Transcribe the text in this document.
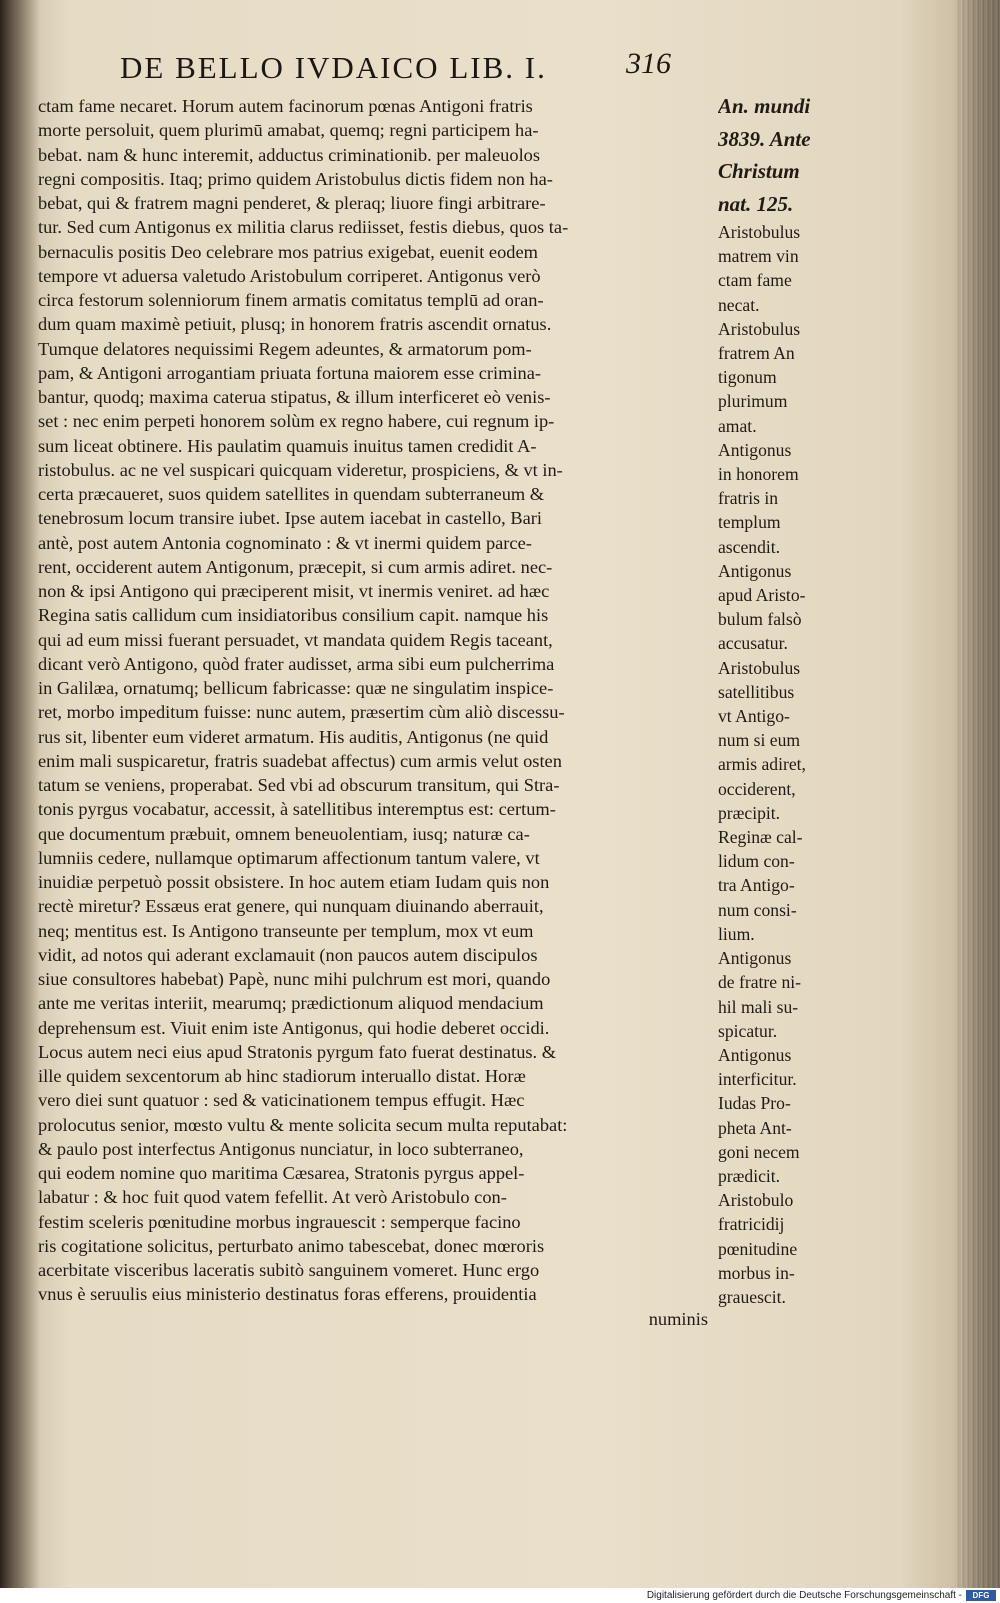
DE BELLO IVDAICO LIB. I.	316
ctam fame necaret. Horum autem facinorum pœnas Antigoni fratris
morte persoluit, quem plurimū amabat, quemq; regni participem ha-
bebat. nam & hunc interemit, adductus criminationib. per maleuolos
regni compositis. Itaq; primo quidem Aristobulus dictis fidem non ha-
bebat, qui & fratrem magni penderet, & pleraq; liuore fingi arbitrare-
tur. Sed cum Antigonus ex militia clarus rediisset, festis diebus, quos ta-
bernaculis positis Deo celebrare mos patrius exigebat, euenit eodem
tempore vt aduersa valetudo Aristobulum corriperet. Antigonus verò
circa festorum solenniorum finem armatis comitatus templū ad oran-
dum quam maximè petiuit, plusq; in honorem fratris ascendit ornatus.
Tumque delatores nequissimi Regem adeuntes, & armatorum pom-
pam, & Antigoni arrogantiam priuata fortuna maiorem esse crimina-
bantur, quodq; maxima caterua stipatus, & illum interficeret eò venis-
set : nec enim perpeti honorem solùm ex regno habere, cui regnum ip-
sum liceat obtinere. His paulatim quamuis inuitus tamen credidit A-
ristobulus. ac ne vel suspicari quicquam videretur, prospiciens, & vt in-
certa præcaueret, suos quidem satellites in quendam subterraneum &
tenebrosum locum transire iubet. Ipse autem iacebat in castello, Bari
antè, post autem Antonia cognominato : & vt inermi quidem parce-
rent, occiderent autem Antigonum, præcepit, si cum armis adiret. nec-
non & ipsi Antigono qui præciperent misit, vt inermis veniret. ad hæc
Regina satis callidum cum insidiatoribus consilium capit. namque his
qui ad eum missi fuerant persuadet, vt mandata quidem Regis taceant,
dicant verò Antigono, quòd frater audisset, arma sibi eum pulcherrima
in Galilæa, ornatumq; bellicum fabricasse: quæ ne singulatim inspice-
ret, morbo impeditum fuisse: nunc autem, præsertim cùm aliò discessu-
rus sit, libenter eum videret armatum. His auditis, Antigonus (ne quid
enim mali suspicaretur, fratris suadebat affectus) cum armis velut osten
tatum se veniens, properabat. Sed vbi ad obscurum transitum, qui Stra-
tonis pyrgus vocabatur, accessit, à satellitibus interemptus est: certum-
que documentum præbuit, omnem beneuolentiam, iusq; naturæ ca-
lumniis cedere, nullamque optimarum affectionum tantum valere, vt
inuidiæ perpetuò possit obsistere. In hoc autem etiam Iudam quis non
rectè miretur? Essæus erat genere, qui nunquam diuinando aberrauit,
neq; mentitus est. Is Antigono transeunte per templum, mox vt eum
vidit, ad notos qui aderant exclamauit (non paucos autem discipulos
siue consultores habebat) Papè, nunc mihi pulchrum est mori, quando
ante me veritas interiit, mearumq; prædictionum aliquod mendacium
deprehensum est. Viuit enim iste Antigonus, qui hodie deberet occidi.
Locus autem neci eius apud Stratonis pyrgum fato fuerat destinatus. &
ille quidem sexcentorum ab hinc stadiorum interuallo distat. Horæ
vero diei sunt quatuor : sed & vaticinationem tempus effugit. Hæc
prolocutus senior, mœsto vultu & mente solicita secum multa reputabat:
& paulo post interfectus Antigonus nunciatur, in loco subterraneo,
qui eodem nomine quo maritima Cæsarea, Stratonis pyrgus appel-
labatur : & hoc fuit quod vatem fefellit. At verò Aristobulo con-
festim sceleris pœnitudine morbus ingrauescit : semperque facino
ris cogitatione solicitus, perturbato animo tabescebat, donec mœroris
acerbitate visceribus laceratis subitò sanguinem vomeret. Hunc ergo
vnus è seruulis eius ministerio destinatus foras efferens, prouidentia
numinis
An. mundi
3839. Ante
Christum
nat. 125.
Aristobulus
matrem vin
ctam fame
necat.
Aristobulus
fratrem An
tigonum
plurimum
amat.
Antigonus
in honorem
fratris in
templum
ascendit.
Antigonus
apud Aristo-
bulum falsò
accusatur.
Aristobulus
satellitibus
vt Antigo-
num si eum
armis adiret,
occiderent,
præcipit.
Reginæ cal-
lidum con-
tra Antigo-
num consi-
lium.
Antigonus
de fratre ni-
hil mali su-
spicatur.
Antigonus
interficitur.
Iudas Pro-
pheta Ant-
goni necem
prædicit.
Aristobulo
fratricidij
pœnitudine
morbus in-
grauescit.
Digitalisierung gefördert durch die Deutsche Forschungsgemeinschaft -	DFG
